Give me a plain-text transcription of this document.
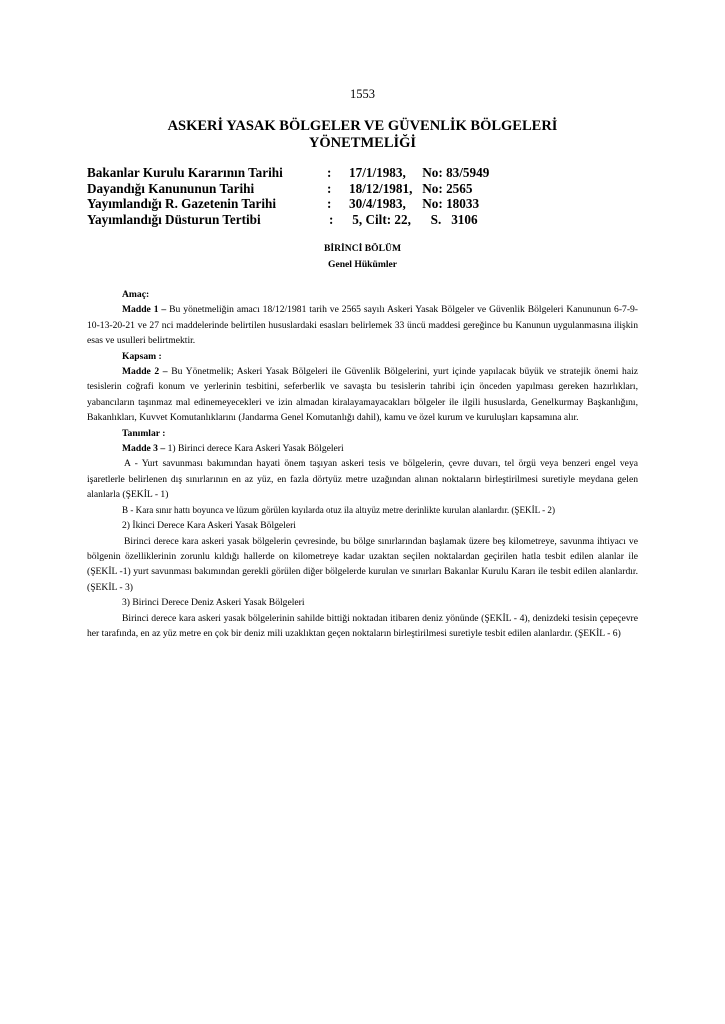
1553
ASKERİ YASAK BÖLGELER VE GÜVENLİK BÖLGELERİ
YÖNETMELİĞİ
Bakanlar Kurulu Kararının Tarihi	: 17/1/1983,     No: 83/5949
Dayandığı Kanununun Tarihi	: 18/12/1981,   No: 2565
Yayımlandığı R. Gazetenin Tarihi	: 30/4/1983,     No: 18033
Yayımlandığı Düsturun Tertibi	: 5, Cilt: 22,      S.   3106
BİRİNCİ BÖLÜM
Genel Hükümler

Amaç:

Madde 1 – Bu yönetmeliğin amacı 18/12/1981 tarih ve 2565 sayılı Askeri Yasak Bölgeler ve Güvenlik Bölgeleri Kanununun 6-7-9-10-13-20-21 ve 27 nci maddelerinde belirtilen hususlardaki esasları belirlemek 33 üncü maddesi gereğince bu Kanunun uygulanmasına ilişkin esas ve usulleri belirtmektir.

Kapsam :

Madde 2 – Bu Yönetmelik; Askeri Yasak Bölgeleri ile Güvenlik Bölgelerini, yurt içinde yapılacak büyük ve stratejik önemi haiz tesislerin coğrafi konum ve yerlerinin tesbitini, seferberlik ve savaşta bu tesislerin tahribi için önceden yapılması gereken hazırlıkları, yabancıların taşınmaz mal edinemeyecekleri ve izin almadan kiralayamayacakları bölgeler ile ilgili hususlarda, Genelkurmay Başkanlığını, Bakanlıkları, Kuvvet Komutanlıklarını (Jandarma Genel Komutanlığı dahil), kamu ve özel kurum ve kuruluşları kapsamına alır.

Tanımlar :

Madde 3 – 1) Birinci derece Kara Askeri Yasak Bölgeleri

A - Yurt savunması bakımından hayati önem taşıyan askeri tesis ve bölgelerin, çevre duvarı, tel örgü veya benzeri engel veya işaretlerle belirlenen dış sınırlarının en az yüz, en fazla dörtyüz metre uzağından alınan noktaların birleştirilmesi suretiyle meydana gelen alanlarla (ŞEKİL - 1)

B - Kara sınır hattı boyunca ve lüzum görülen kıyılarda otuz ila altıyüz metre derinlikte kurulan alanlardır. (ŞEKİL - 2)

2) İkinci Derece Kara Askeri Yasak Bölgeleri

Birinci derece kara askeri yasak bölgelerin çevresinde, bu bölge sınırlarından başlamak üzere beş kilometreye, savunma ihtiyacı ve bölgenin özelliklerinin zorunlu kıldığı hallerde on kilometreye kadar uzaktan seçilen noktalardan geçirilen hatla tesbit edilen alanlar ile (ŞEKİL -1) yurt savunması bakımından gerekli görülen diğer bölgelerde kurulan ve sınırları Bakanlar Kurulu Kararı ile tesbit edilen alanlardır. (ŞEKİL - 3)

3) Birinci Derece Deniz Askeri Yasak Bölgeleri

Birinci derece kara askeri yasak bölgelerinin sahilde bittiği noktadan itibaren deniz yönünde (ŞEKİL - 4), denizdeki tesisin çepeçevre her tarafında, en az yüz metre en çok bir deniz mili uzaklıktan geçen noktaların birleştirilmesi suretiyle tesbit edilen alanlardır. (ŞEKİL - 6)
